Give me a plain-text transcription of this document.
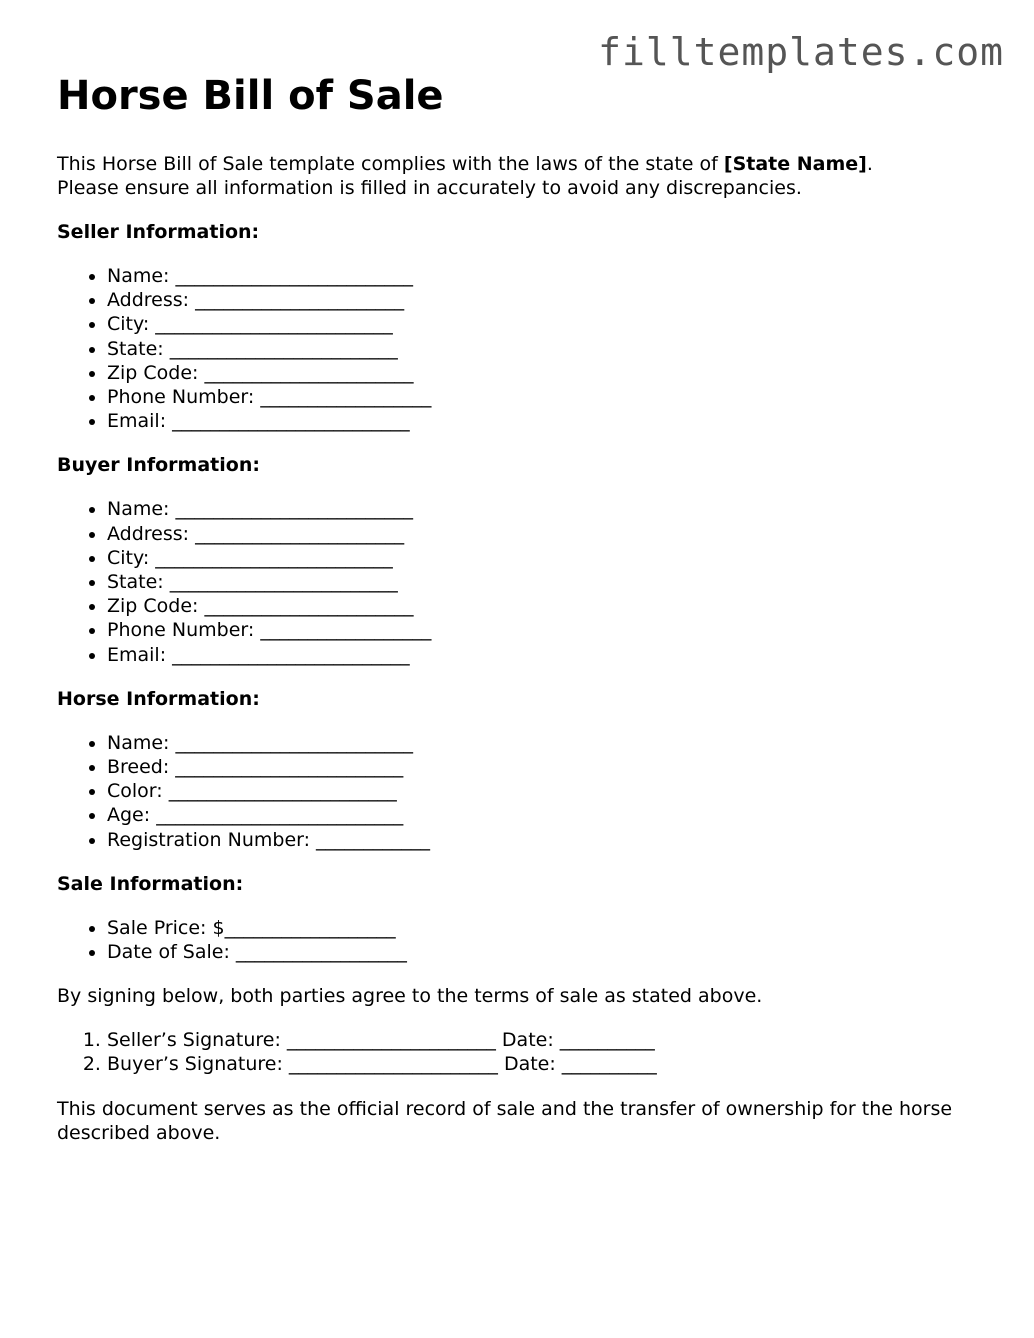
filltemplates.com
Horse Bill of Sale

This Horse Bill of Sale template complies with the laws of the state of [State Name].
Please ensure all information is filled in accurately to avoid any discrepancies.

Seller Information:
• Name: _________________________
• Address: ______________________
• City: _________________________
• State: ________________________
• Zip Code: ______________________
• Phone Number: __________________
• Email: _________________________
Buyer Information:
• Name: _________________________
• Address: ______________________
• City: _________________________
• State: ________________________
• Zip Code: ______________________
• Phone Number: __________________
• Email: _________________________
Horse Information:
• Name: _________________________
• Breed: ________________________
• Color: ________________________
• Age: __________________________
• Registration Number: ____________
Sale Information:
• Sale Price: $__________________
• Date of Sale: __________________

By signing below, both parties agree to the terms of sale as stated above.

1. Seller’s Signature: ______________________ Date: __________
2. Buyer’s Signature: ______________________ Date: __________

This document serves as the official record of sale and the transfer of ownership for the horse described above.
